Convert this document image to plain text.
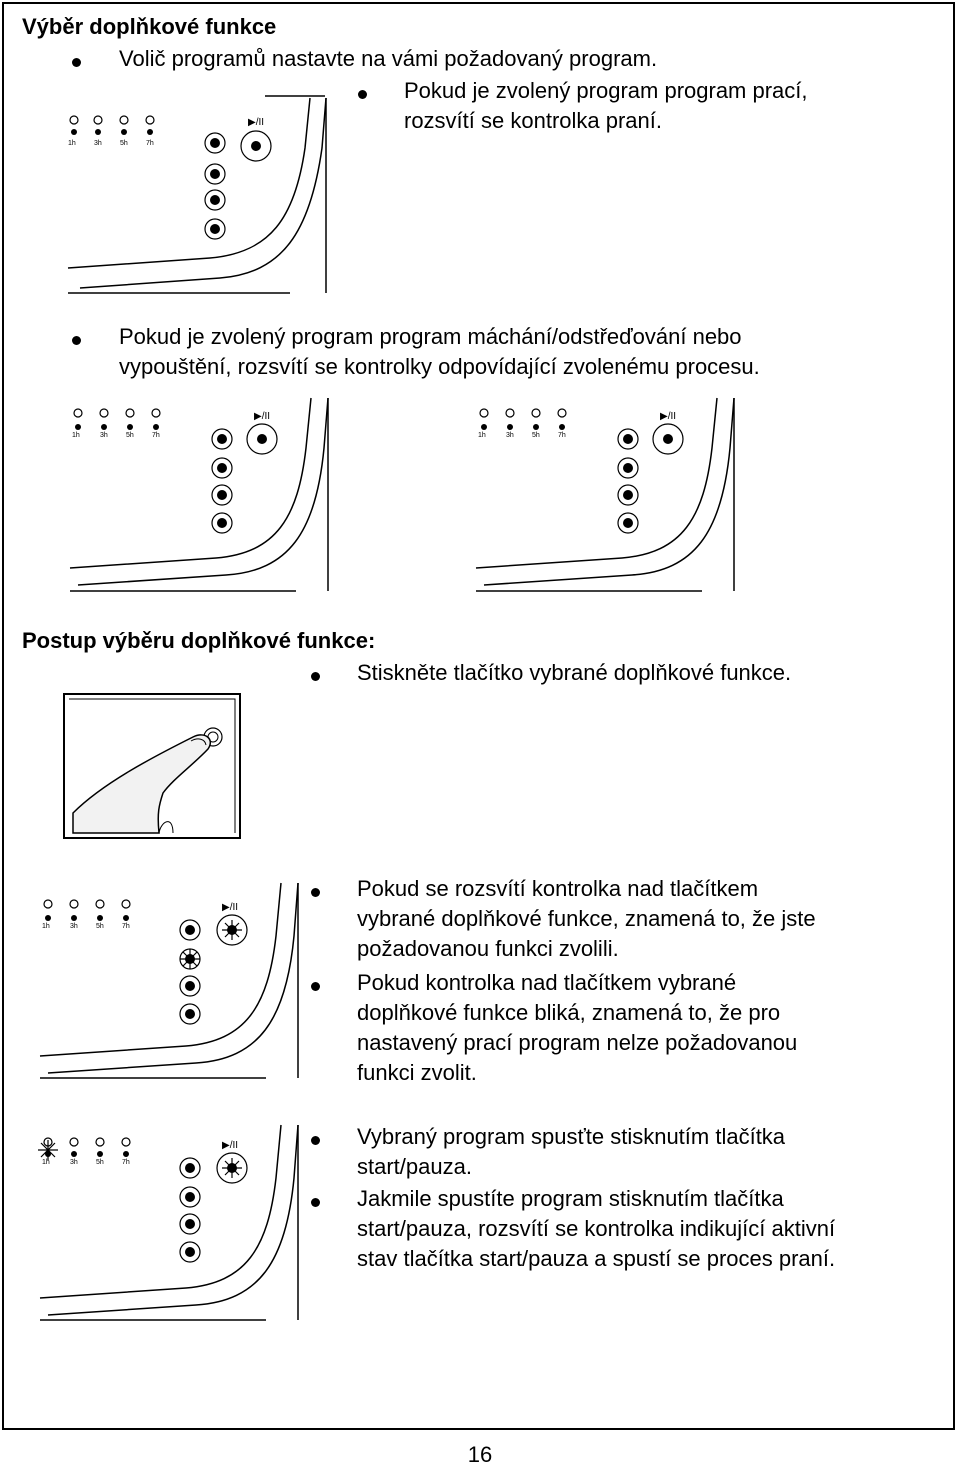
Výběr doplňkové funkce
Volič programů nastavte na vámi požadovaný program.
Pokud je zvolený program program prací,
rozsvítí se kontrolka praní.
1h	3h	5h	7h
▶/II
Pokud je zvolený program program máchání/odstřeďování nebo
vypouštění, rozsvítí se kontrolky odpovídající zvolenému procesu.
1h	3h	5h	7h
▶/II
1h	3h	5h	7h
▶/II
Postup výběru doplňkové funkce:
Stiskněte tlačítko vybrané doplňkové funkce.
Pokud se rozsvítí kontrolka nad tlačítkem
vybrané doplňkové funkce, znamená to, že jste
požadovanou funkci zvolili.
Pokud kontrolka nad tlačítkem vybrané
doplňkové funkce bliká, znamená to, že pro
nastavený prací program nelze požadovanou
funkci zvolit.
1h	3h	5h	7h
▶/II
Vybraný program spusťte stisknutím tlačítka
start/pauza.
Jakmile spustíte program stisknutím tlačítka
start/pauza, rozsvítí se kontrolka indikující aktivní
stav tlačítka start/pauza a spustí se proces praní.
1h	3h	5h	7h
▶/II
16
